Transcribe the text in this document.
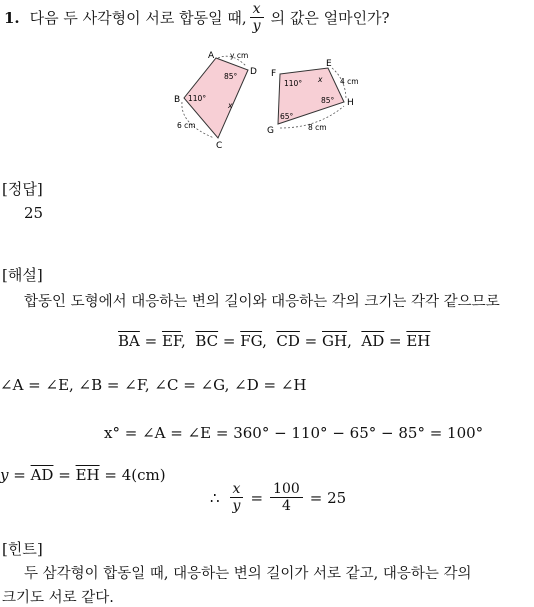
1. 다음 두 사각형이 서로 합동일 때, $\frac{x}{y}$ 의 값은 얼마인가?
A
D
B
C
E
F
G
H
y cm
85°
110°
6 cm
x
110° x 4 cm
85°
65°
8 cm
[정답]
25
[해설]
합동인 도형에서 대응하는 변의 길이와 대응하는 각의 크기는 각각 같으므로
$\overline{BA} = \overline{EF}$,  $\overline{BC} = \overline{FG}$,  $\overline{CD} = \overline{GH}$,  $\overline{AD} = \overline{EH}$
∠A = ∠E, ∠B = ∠F, ∠C = ∠G, ∠D = ∠H
x° = ∠A = ∠E = 360° − 110° − 65° − 85° = 100°
$y = \overline{AD} = \overline{EH} = 4(cm)$
∴ $\frac{x}{y} = \frac{100}{4} = 25$
[힌트]
두 삼각형이 합동일 때, 대응하는 변의 길이가 서로 같고, 대응하는 각의
크기도 서로 같다.
